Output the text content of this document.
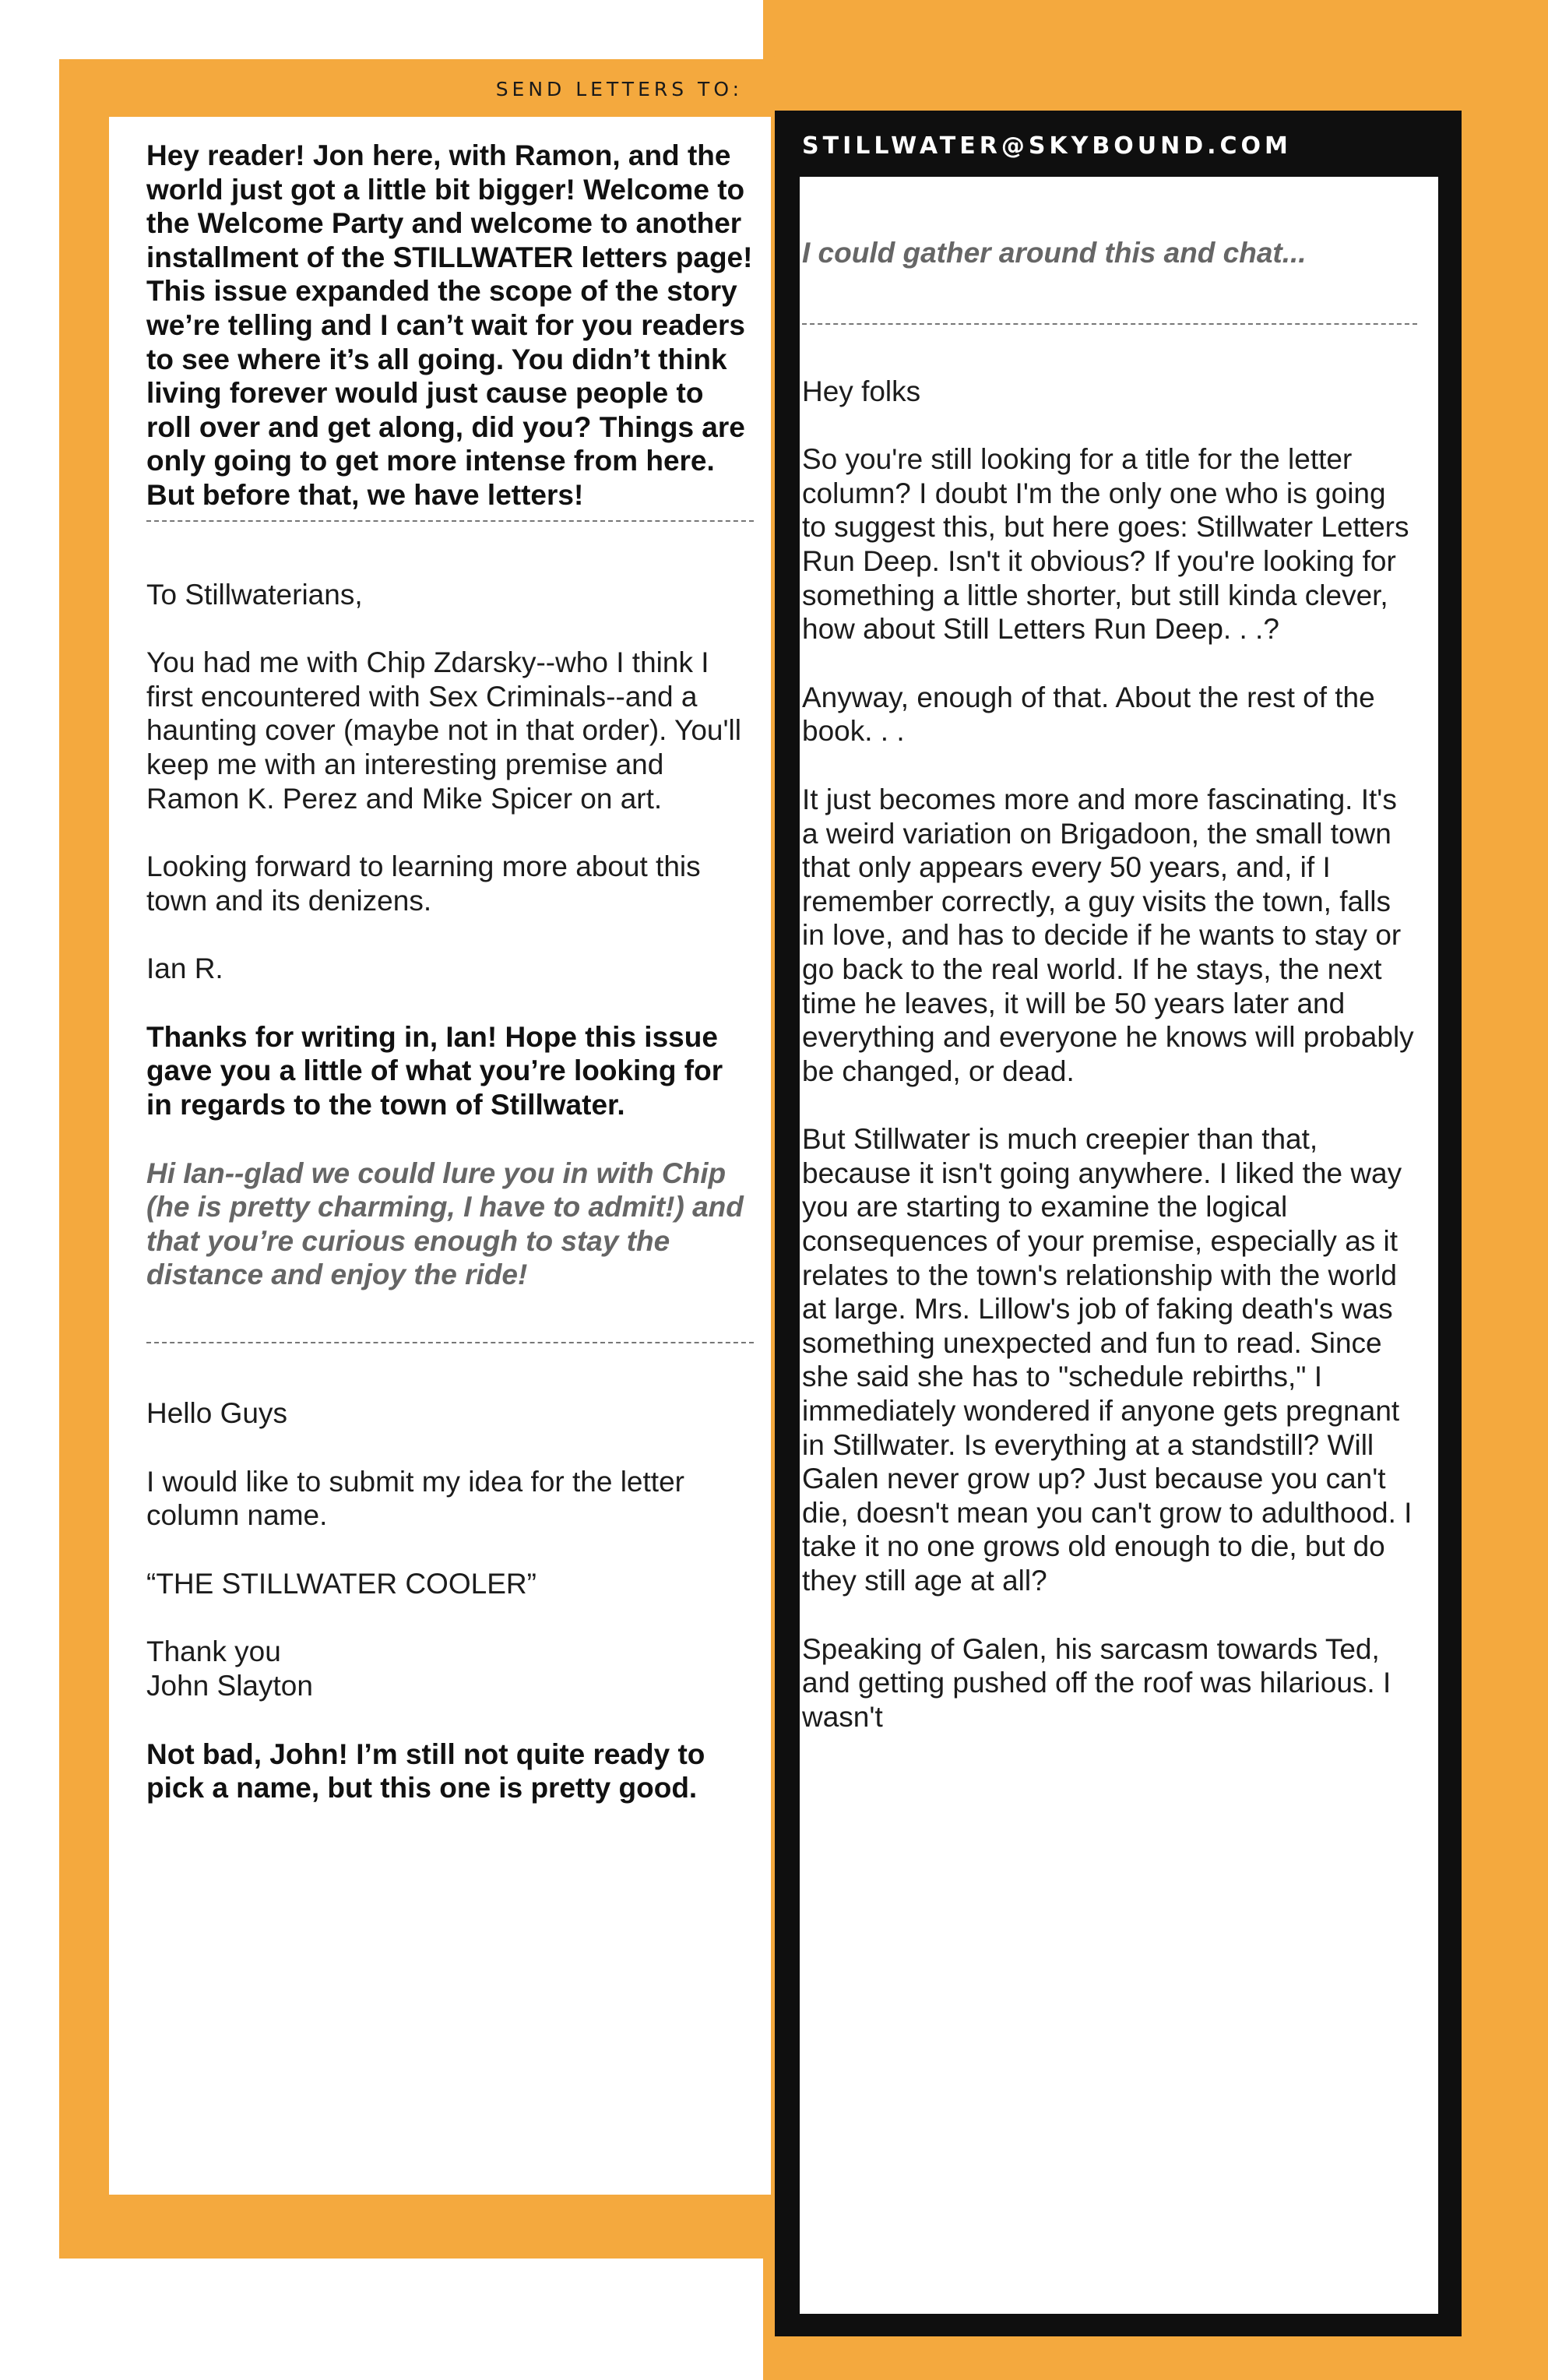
SEND LETTERS TO:
STILLWATER@SKYBOUND.COM

Hey reader! Jon here, with Ramon, and the world just got a little bit bigger! Welcome to the Welcome Party and welcome to another installment of the STILLWATER letters page! This issue expanded the scope of the story we’re telling and I can’t wait for you readers to see where it’s all going. You didn’t think living forever would just cause people to roll over and get along, did you? Things are only going to get more intense from here. But before that, we have letters!

To Stillwaterians,

You had me with Chip Zdarsky--who I think I first encountered with Sex Criminals--and a haunting cover (maybe not in that order). You'll keep me with an interesting premise and Ramon K. Perez and Mike Spicer on art.

Looking forward to learning more about this town and its denizens.

Ian R.

Thanks for writing in, Ian! Hope this issue gave you a little of what you’re looking for in regards to the town of Stillwater.

Hi Ian--glad we could lure you in with Chip (he is pretty charming, I have to admit!) and that you’re curious enough to stay the distance and enjoy the ride!

Hello Guys

I would like to submit my idea for the letter column name.

“THE STILLWATER COOLER”

Thank you

John Slayton

Not bad, John! I’m still not quite ready to pick a name, but this one is pretty good.

I could gather around this and chat...

Hey folks

So you're still looking for a title for the letter column? I doubt I'm the only one who is going to suggest this, but here goes: Stillwater Letters Run Deep. Isn't it obvious? If you're looking for something a little shorter, but still kinda clever, how about Still Letters Run Deep. . .?

Anyway, enough of that. About the rest of the book. . .

It just becomes more and more fascinating. It's a weird variation on Brigadoon, the small town that only appears every 50 years, and, if I remember correctly, a guy visits the town, falls in love, and has to decide if he wants to stay or go back to the real world. If he stays, the next time he leaves, it will be 50 years later and everything and everyone he knows will probably be changed, or dead.

But Stillwater is much creepier than that, because it isn't going anywhere. I liked the way you are starting to examine the logical consequences of your premise, especially as it relates to the town's relationship with the world at large. Mrs. Lillow's job of faking death's was something unexpected and fun to read. Since she said she has to "schedule rebirths," I immediately wondered if anyone gets pregnant in Stillwater. Is everything at a standstill? Will Galen never grow up? Just because you can't die, doesn't mean you can't grow to adulthood. I take it no one grows old enough to die, but do they still age at all?

Speaking of Galen, his sarcasm towards Ted, and getting pushed off the roof was hilarious. I wasn't
